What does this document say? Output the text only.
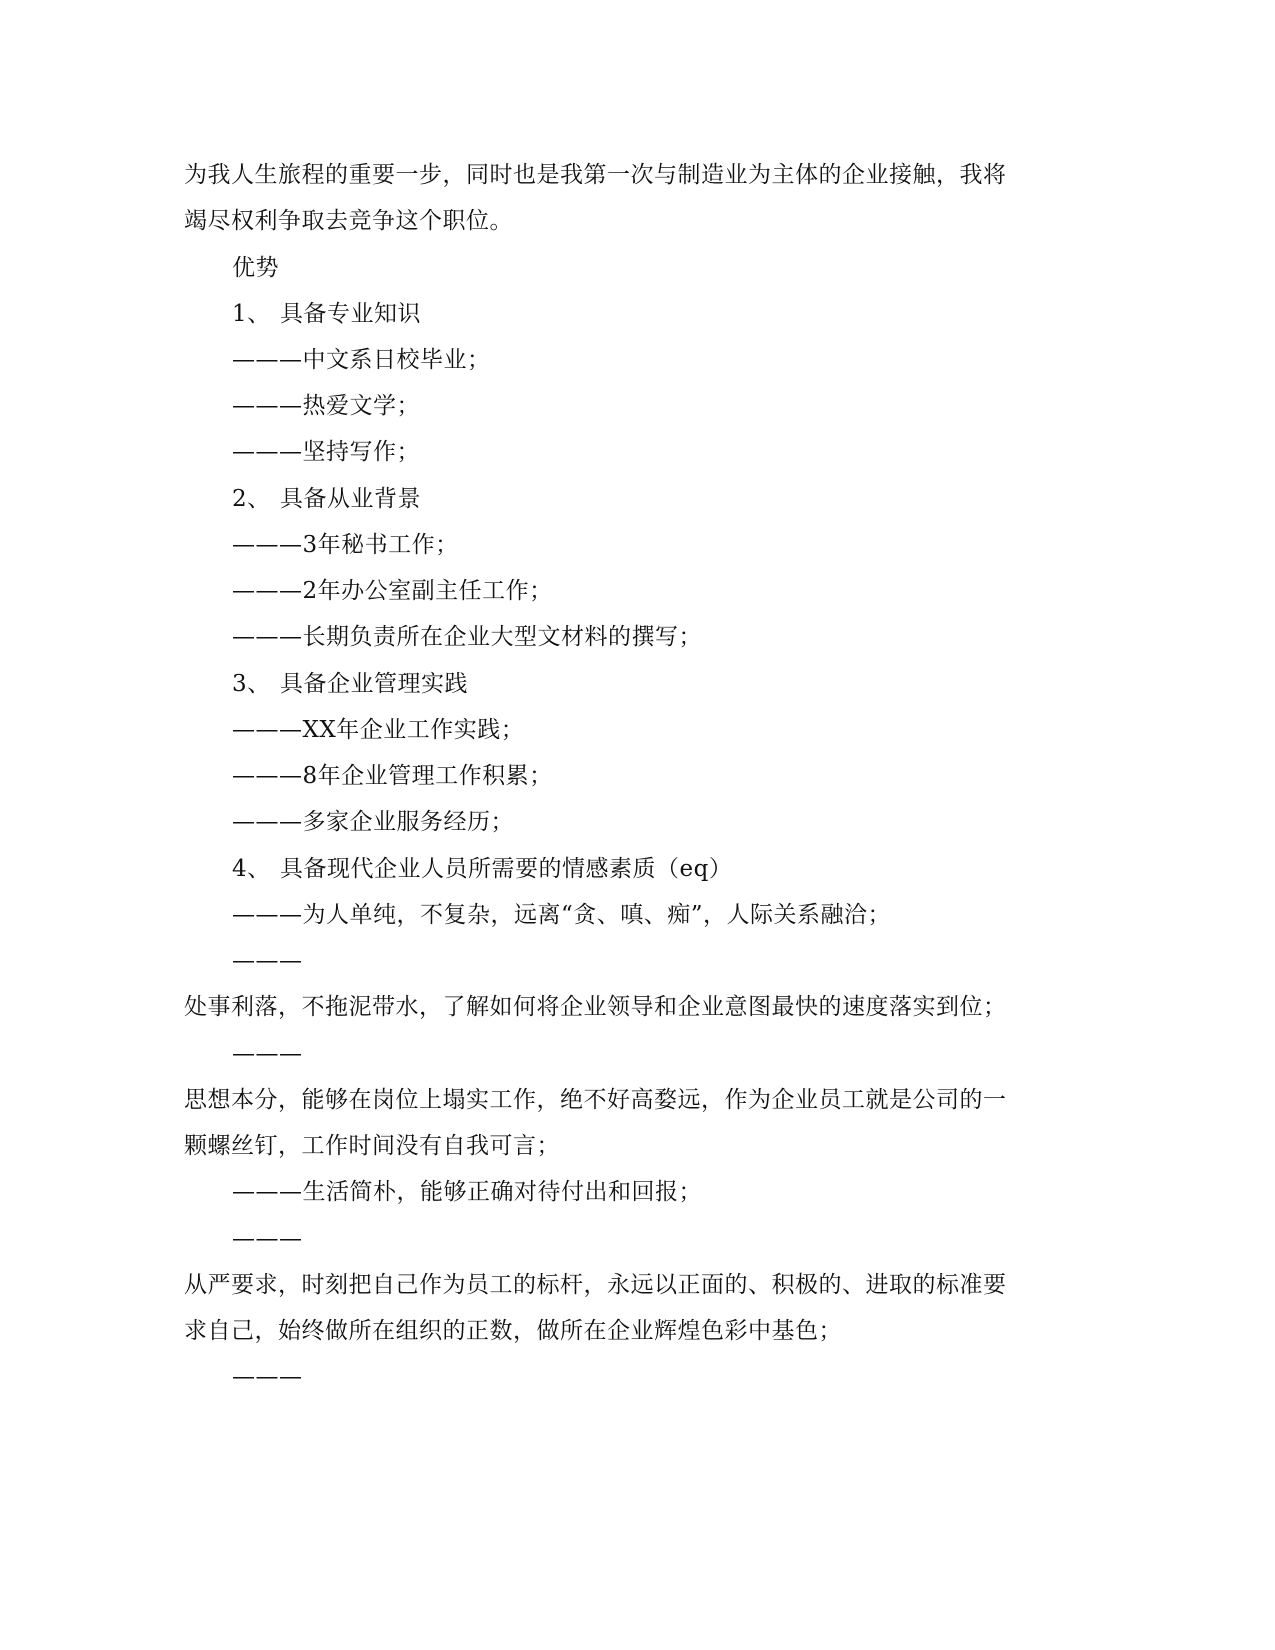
为我人生旅程的重要一步，同时也是我第一次与制造业为主体的企业接触，我将
竭尽权利争取去竞争这个职位。
优势
1、 具备专业知识
———中文系日校毕业；
———热爱文学；
———坚持写作；
2、 具备从业背景
———3年秘书工作；
———2年办公室副主任工作；
———长期负责所在企业大型文材料的撰写；
3、 具备企业管理实践
———XX年企业工作实践；
———8年企业管理工作积累；
———多家企业服务经历；
4、 具备现代企业人员所需要的情感素质（eq）
———为人单纯，不复杂，远离“贪、嗔、痴”，人际关系融洽；
———
处事利落，不拖泥带水，了解如何将企业领导和企业意图最快的速度落实到位；
———
思想本分，能够在岗位上塌实工作，绝不好高婺远，作为企业员工就是公司的一
颗螺丝钉，工作时间没有自我可言；
———生活简朴，能够正确对待付出和回报；
———
从严要求，时刻把自己作为员工的标杆，永远以正面的、积极的、进取的标准要
求自己，始终做所在组织的正数，做所在企业辉煌色彩中基色；
———
